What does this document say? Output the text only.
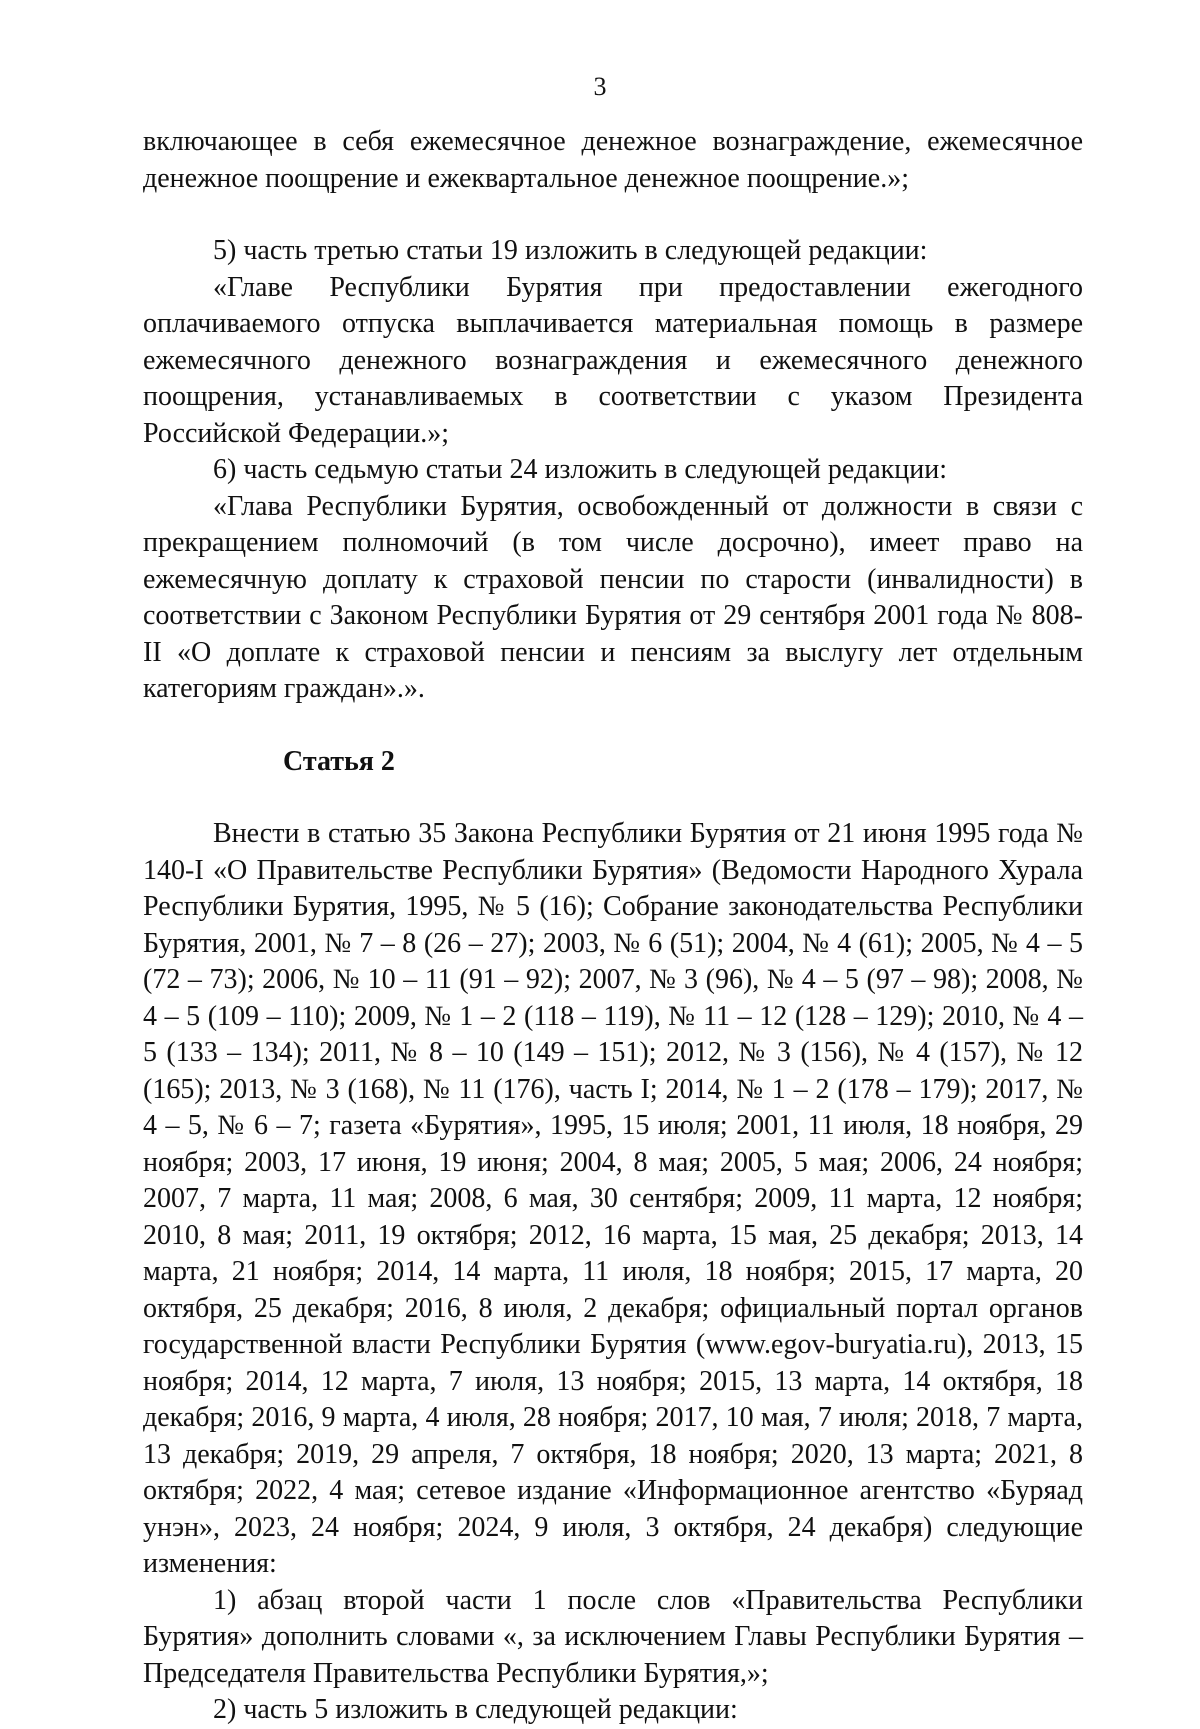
3

включающее в себя ежемесячное денежное вознаграждение, ежемесячное денежное поощрение и ежеквартальное денежное поощрение.»;

5) часть третью статьи 19 изложить в следующей редакции:

«Главе Республики Бурятия при предоставлении ежегодного оплачиваемого отпуска выплачивается материальная помощь в размере ежемесячного денежного вознаграждения и ежемесячного денежного поощрения, устанавливаемых в соответствии с указом Президента Российской Федерации.»;

6) часть седьмую статьи 24 изложить в следующей редакции:

«Глава Республики Бурятия, освобожденный от должности в связи с прекращением полномочий (в том числе досрочно), имеет право на ежемесячную доплату к страховой пенсии по старости (инвалидности) в соответствии с Законом Республики Бурятия от 29 сентября 2001 года № 808-II «О доплате к страховой пенсии и пенсиям за выслугу лет отдельным категориям граждан».».

Статья 2

Внести в статью 35 Закона Республики Бурятия от 21 июня 1995 года № 140-I «О Правительстве Республики Бурятия» (Ведомости Народного Хурала Республики Бурятия, 1995, № 5 (16); Собрание законодательства Республики Бурятия, 2001, № 7 – 8 (26 – 27); 2003, № 6 (51); 2004, № 4 (61); 2005, № 4 – 5 (72 – 73); 2006, № 10 – 11 (91 – 92); 2007, № 3 (96), № 4 – 5 (97 – 98); 2008, № 4 – 5 (109 – 110); 2009, № 1 – 2 (118 – 119), № 11 – 12 (128 – 129); 2010, № 4 – 5 (133 – 134); 2011, № 8 – 10 (149 – 151); 2012, № 3 (156), № 4 (157), № 12 (165); 2013, № 3 (168), № 11 (176), часть I; 2014, № 1 – 2 (178 – 179); 2017, № 4 – 5, № 6 – 7; газета «Бурятия», 1995, 15 июля; 2001, 11 июля, 18 ноября, 29 ноября; 2003, 17 июня, 19 июня; 2004, 8 мая; 2005, 5 мая; 2006, 24 ноября; 2007, 7 марта, 11 мая; 2008, 6 мая, 30 сентября; 2009, 11 марта, 12 ноября; 2010, 8 мая; 2011, 19 октября; 2012, 16 марта, 15 мая, 25 декабря; 2013, 14 марта, 21 ноября; 2014, 14 марта, 11 июля, 18 ноября; 2015, 17 марта, 20 октября, 25 декабря; 2016, 8 июля, 2 декабря; официальный портал органов государственной власти Республики Бурятия (www.egov-buryatia.ru), 2013, 15 ноября; 2014, 12 марта, 7 июля, 13 ноября; 2015, 13 марта, 14 октября, 18 декабря; 2016, 9 марта, 4 июля, 28 ноября; 2017, 10 мая, 7 июля; 2018, 7 марта, 13 декабря; 2019, 29 апреля, 7 октября, 18 ноября; 2020, 13 марта; 2021, 8 октября; 2022, 4 мая; сетевое издание «Информационное агентство «Буряад унэн», 2023, 24 ноября; 2024, 9 июля, 3 октября, 24 декабря) следующие изменения:

1) абзац второй части 1 после слов «Правительства Республики Бурятия» дополнить словами «, за исключением Главы Республики Бурятия – Председателя Правительства Республики Бурятия,»;

2) часть 5 изложить в следующей редакции:
